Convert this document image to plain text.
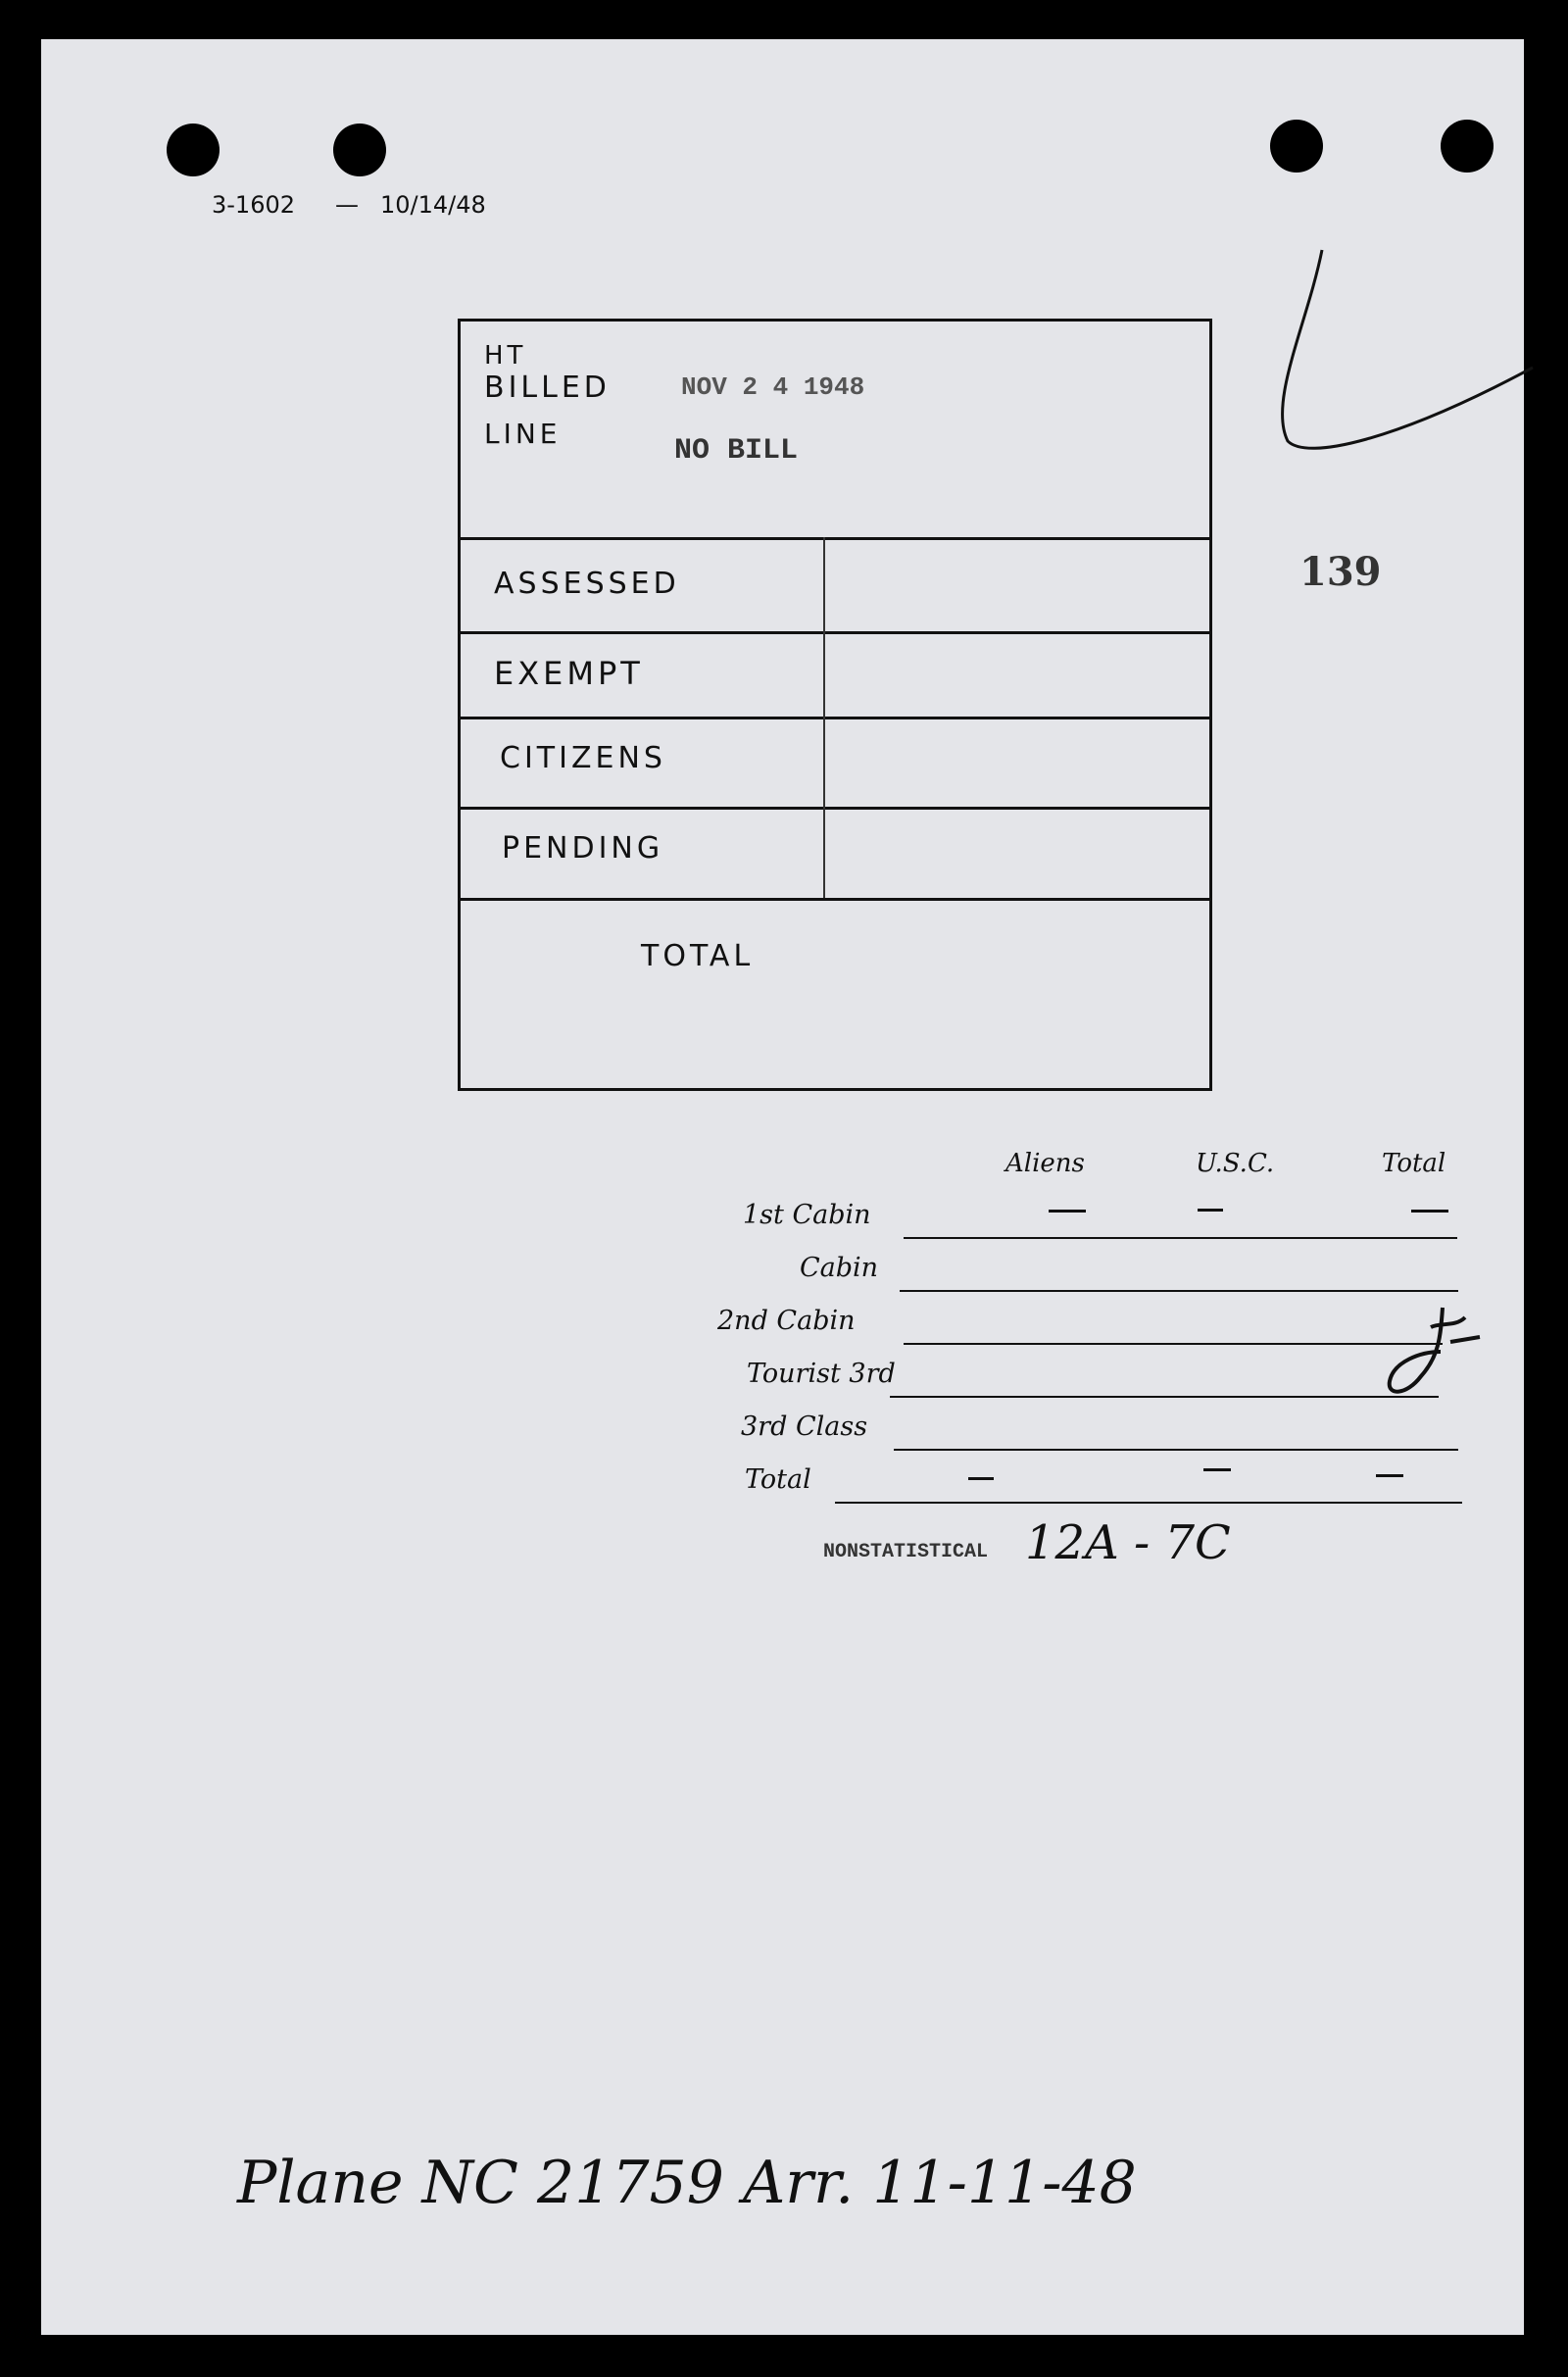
3-1602 — 10/14/48
139
HT
BILLED
LINE
NOV 2 4 1948
NO BILL
ASSESSED
EXEMPT
CITIZENS
PENDING
TOTAL
Aliens	U.S.C.	Total
1st Cabin
Cabin
2nd Cabin
Tourist 3rd
3rd Class
Total
NONSTATISTICAL 12A - 7C
Plane NC 21759 Arr. 11-11-48
